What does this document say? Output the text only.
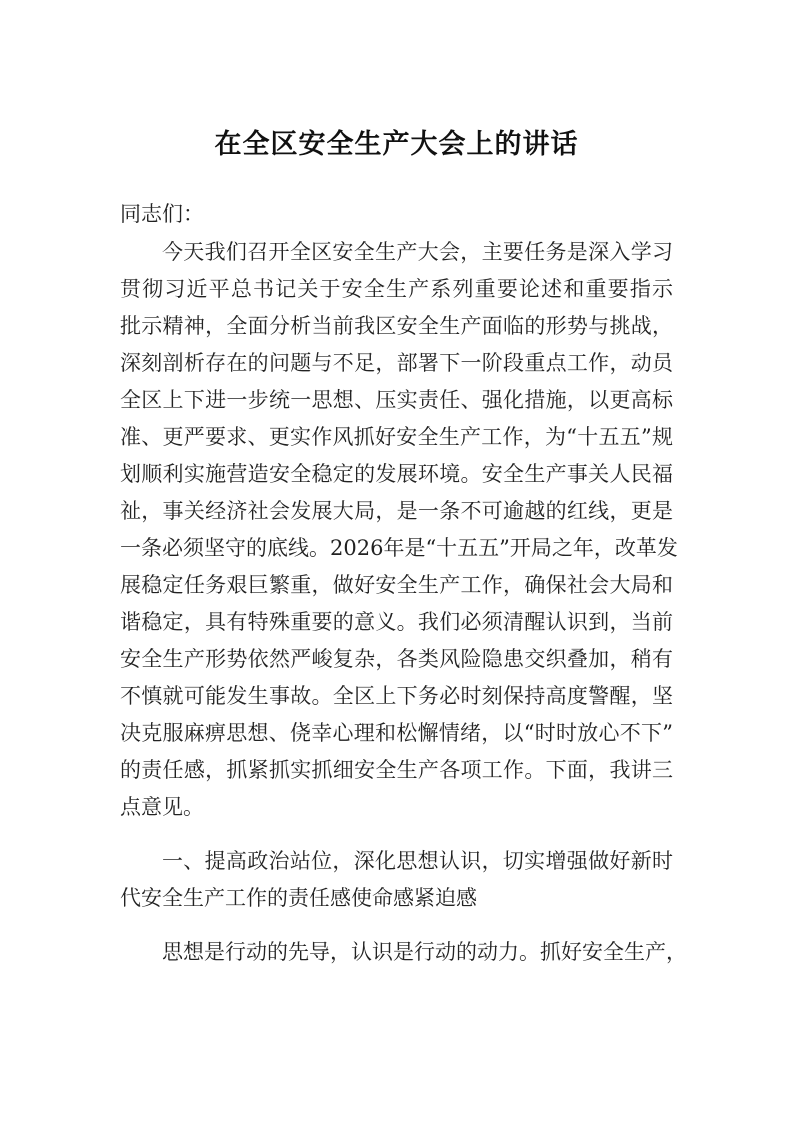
在全区安全生产大会上的讲话
同志们：
今天我们召开全区安全生产大会，主要任务是深入学习
贯彻习近平总书记关于安全生产系列重要论述和重要指示
批示精神，全面分析当前我区安全生产面临的形势与挑战，
深刻剖析存在的问题与不足，部署下一阶段重点工作，动员
全区上下进一步统一思想、压实责任、强化措施，以更高标
准、更严要求、更实作风抓好安全生产工作，为“十五五”规
划顺利实施营造安全稳定的发展环境。安全生产事关人民福
祉，事关经济社会发展大局，是一条不可逾越的红线，更是
一条必须坚守的底线。2026年是“十五五”开局之年，改革发
展稳定任务艰巨繁重，做好安全生产工作，确保社会大局和
谐稳定，具有特殊重要的意义。我们必须清醒认识到，当前
安全生产形势依然严峻复杂，各类风险隐患交织叠加，稍有
不慎就可能发生事故。全区上下务必时刻保持高度警醒，坚
决克服麻痹思想、侥幸心理和松懈情绪，以“时时放心不下”
的责任感，抓紧抓实抓细安全生产各项工作。下面，我讲三
点意见。
一、提高政治站位，深化思想认识，切实增强做好新时
代安全生产工作的责任感使命感紧迫感
思想是行动的先导，认识是行动的动力。抓好安全生产，
